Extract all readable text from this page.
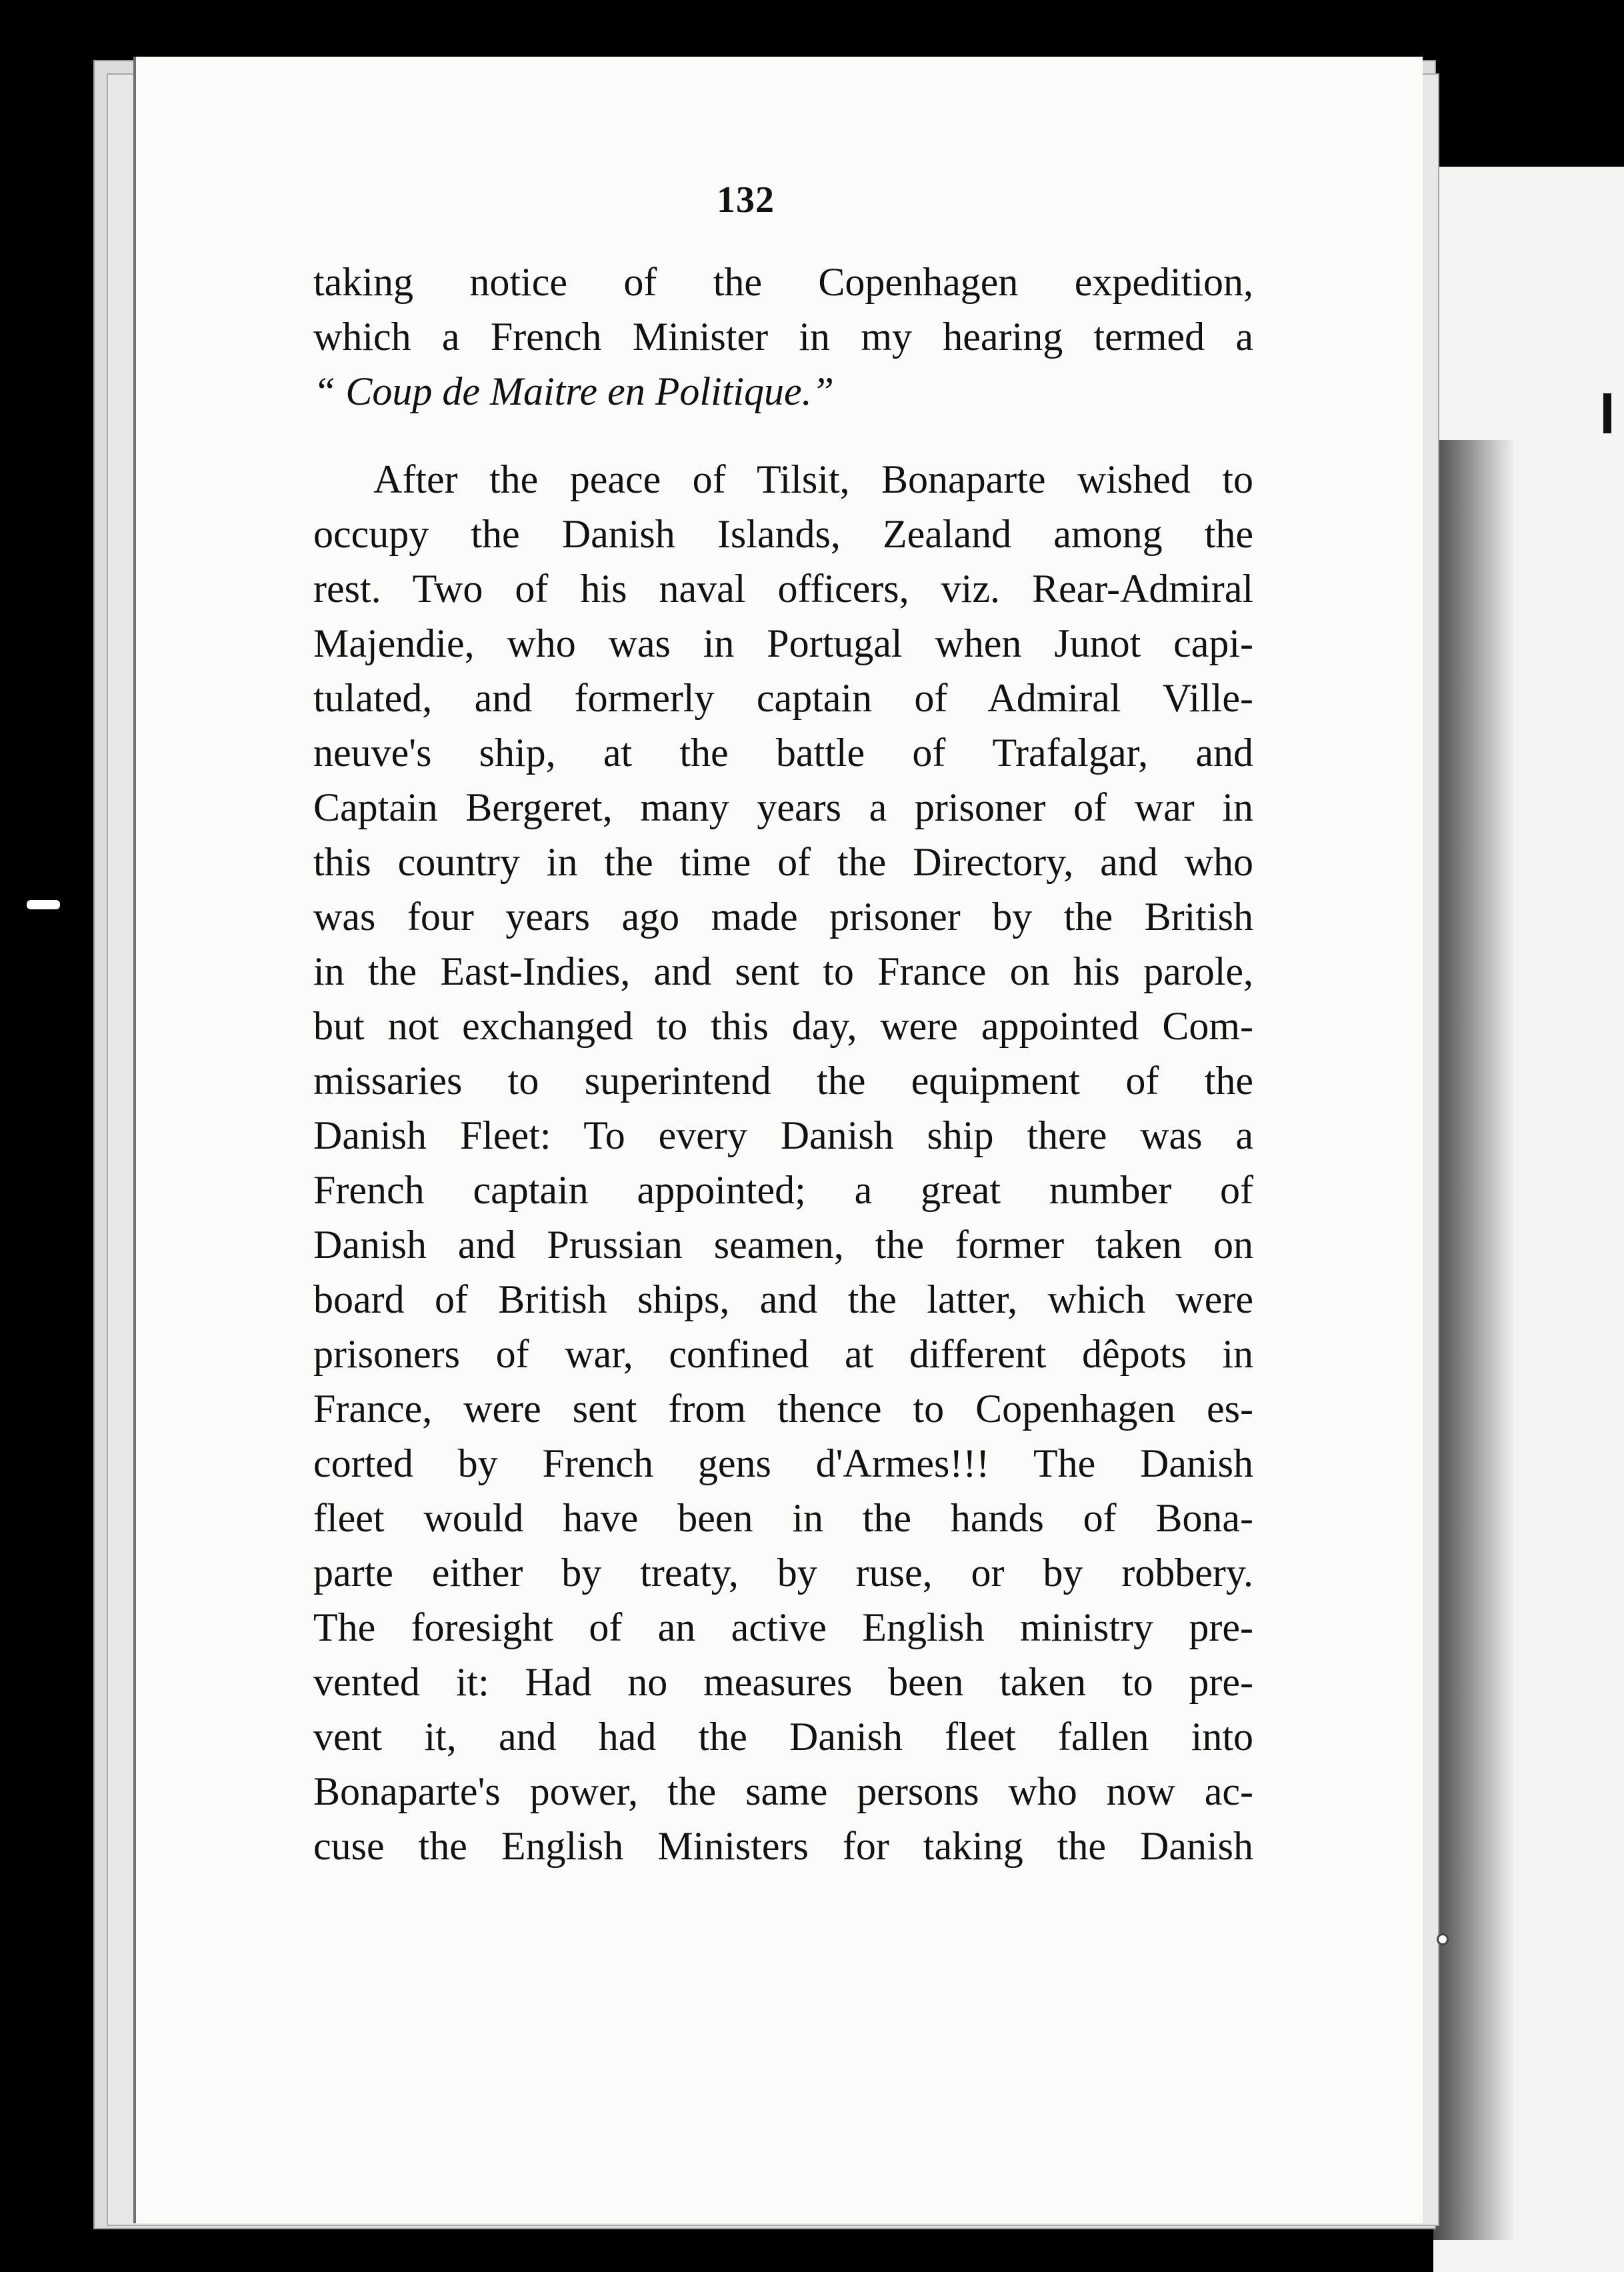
132
taking notice of the Copenhagen expedition,
which a French Minister in my hearing termed a
“ Coup de Maitre en Politique.”
After the peace of Tilsit, Bonaparte wished to
occupy the Danish Islands, Zealand among the
rest. Two of his naval officers, viz. Rear-Admiral
Majendie, who was in Portugal when Junot capi-
tulated, and formerly captain of Admiral Ville-
neuve's ship, at the battle of Trafalgar, and
Captain Bergeret, many years a prisoner of war in
this country in the time of the Directory, and who
was four years ago made prisoner by the British
in the East-Indies, and sent to France on his parole,
but not exchanged to this day, were appointed Com-
missaries to superintend the equipment of the
Danish Fleet: To every Danish ship there was a
French captain appointed; a great number of
Danish and Prussian seamen, the former taken on
board of British ships, and the latter, which were
prisoners of war, confined at different dêpots in
France, were sent from thence to Copenhagen es-
corted by French gens d'Armes!!! The Danish
fleet would have been in the hands of Bona-
parte either by treaty, by ruse, or by robbery.
The foresight of an active English ministry pre-
vented it: Had no measures been taken to pre-
vent it, and had the Danish fleet fallen into
Bonaparte's power, the same persons who now ac-
cuse the English Ministers for taking the Danish
